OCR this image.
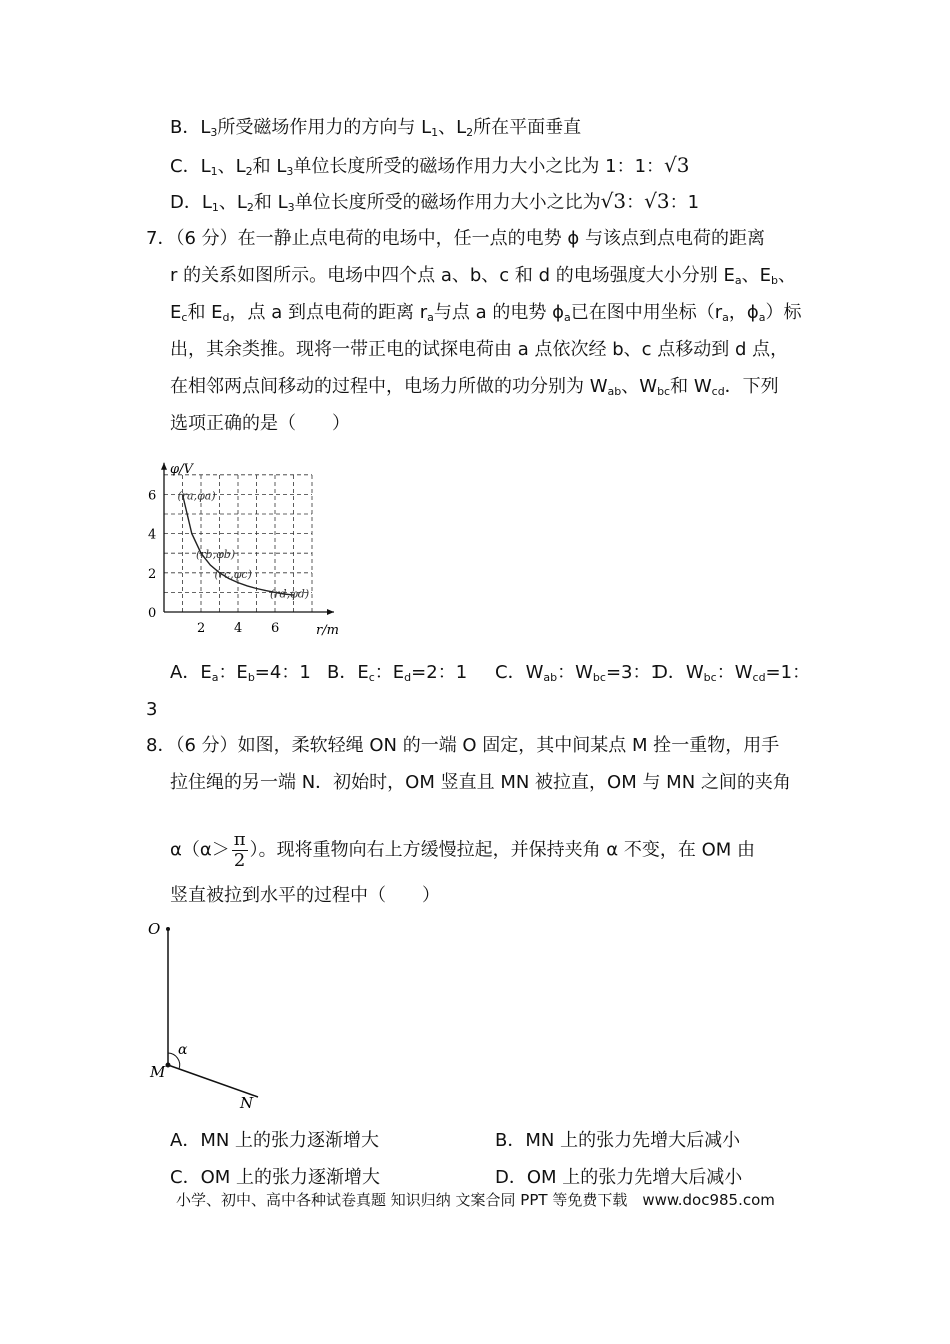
B．$L_3$所受磁场作用力的方向与 $L_1$、$L_2$所在平面垂直
C．$L_1$、$L_2$和 $L_3$单位长度所受的磁场作用力大小之比为 1：1：√3
D．$L_1$、$L_2$和 $L_3$单位长度所受的磁场作用力大小之比为√3：√3：1
7．（6 分）在一静止点电荷的电场中，任一点的电势 ϕ 与该点到点电荷的距离
r 的关系如图所示。电场中四个点 a、b、c 和 d 的电场强度大小分别 $E_a$、$E_b$、
$E_c$和 $E_d$，点 a 到点电荷的距离 $r_a$与点 a 的电势 $\phi_a$已在图中用坐标（$r_a$，$\phi_a$）标
出，其余类推。现将一带正电的试探电荷由 a 点依次经 b、c 点移动到 d 点，
在相邻两点间移动的过程中，电场力所做的功分别为 $W_{ab}$、$W_{bc}$和 $W_{cd}$．下列
选项正确的是（　　）
2 4 6
0
2
4
6
r/m
φ/V
(ra,φa)
(rb,φb)
(rc,φc)
(rd,φd)
A．$E_a$：$E_b=4$：1 B．$E_c$：$E_d=2$：1 C．$W_{ab}$：$W_{bc}=3$：1
D．$W_{bc}$：$W_{cd}=1$：
3
8．（6 分）如图，柔软轻绳 ON 的一端 O 固定，其中间某点 M 拴一重物，用手
拉住绳的另一端 N．初始时，OM 竖直且 MN 被拉直，OM 与 MN 之间的夹角
$\alpha(\alpha> \frac{\pi}{2}$ ）。现将重物向右上方缓慢拉起，并保持夹角 α 不变，在 OM 由
竖直被拉到水平的过程中（　　）
O
M
N
α
A．MN 上的张力逐渐增大	B．MN 上的张力先增大后减小
C．OM 上的张力逐渐增大	D．OM 上的张力先增大后减小
小学、初中、高中各种试卷真题 知识归纳 文案合同 PPT 等免费下载　www.doc985.com
